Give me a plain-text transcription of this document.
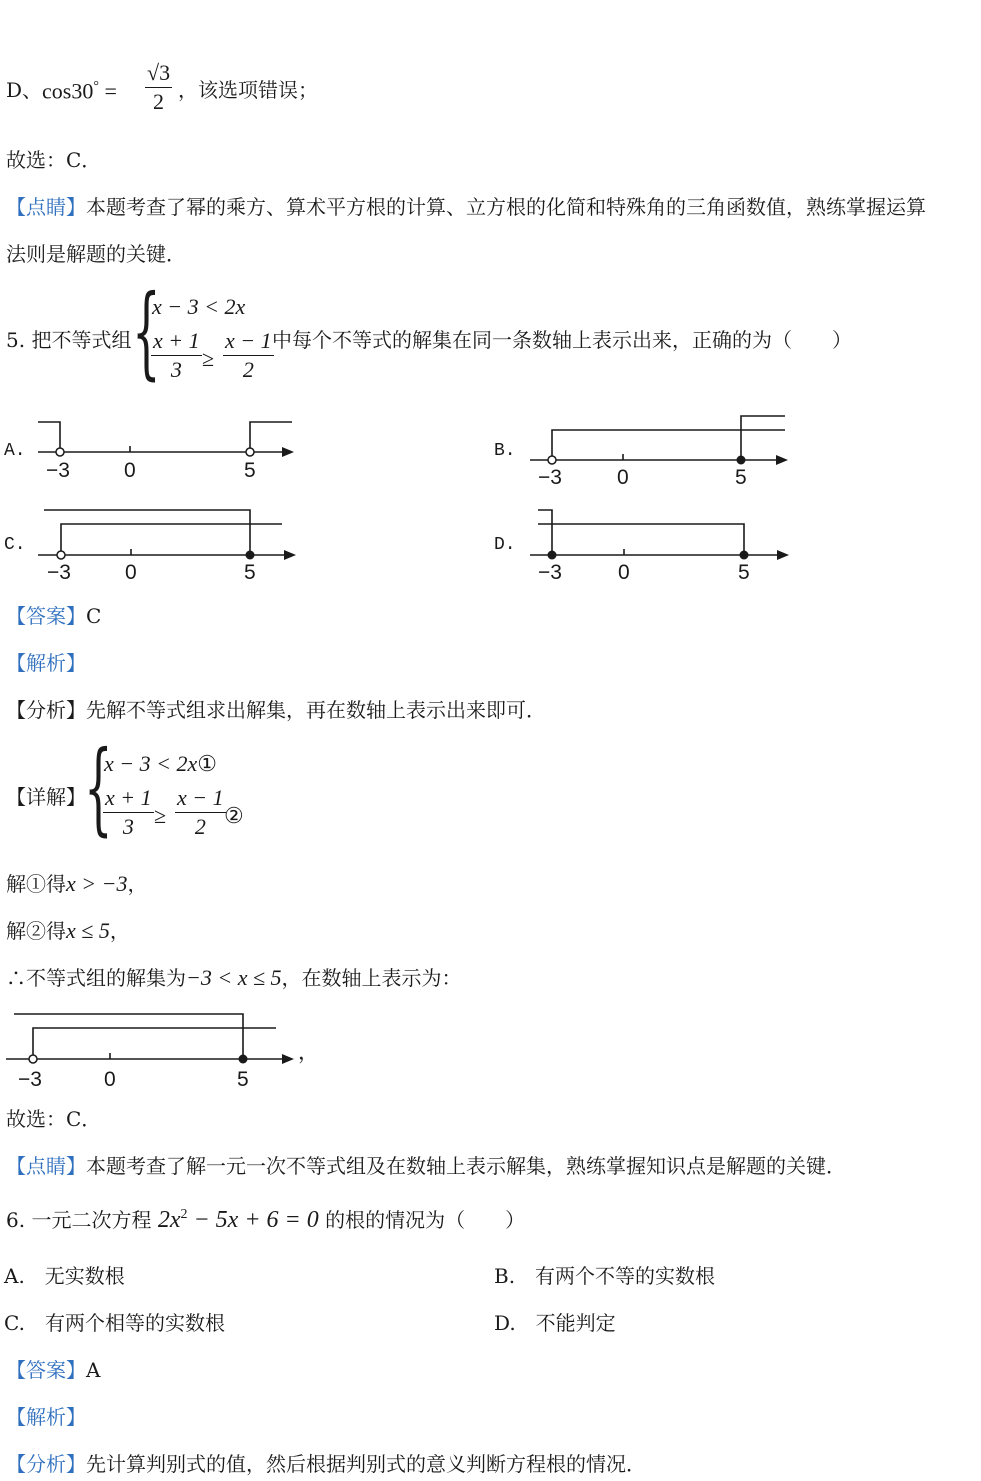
D、 $\cos 30^\circ = \frac{√3}{2}$ ，该选项错误；
故选：C．
【点睛】本题考查了幂的乘方、算术平方根的计算、立方根的化简和特殊角的三角函数值，熟练掌握运算
法则是解题的关键．
5. 把不等式组 {
x − 3 < 2x
$\frac{x + 1}{3} \ge \frac{x - 1}{2}$
中每个不等式的解集在同一条数轴上表示出来，正确的为（　　）
−3	0	5
A.
−3	0	5
B.
−3	0	5
C.
−3	0	5
D.
【答案】C
【解析】
【分析】先解不等式组求出解集，再在数轴上表示出来即可．
【详解】
{
x − 3 < 2x①
$\frac{x + 1}{3} \ge \frac{x - 1}{2}$
②
解①得x > −3，
解②得x ≤ 5，
∴不等式组的解集为−3 < x ≤ 5，在数轴上表示为：
−3	0	5
，
故选：C．
【点睛】本题考查了解一元一次不等式组及在数轴上表示解集，熟练掌握知识点是解题的关键．
6. 一元二次方程 $2x^2 - 5x + 6 = 0$ 的根的情况为（　　）
A.　无实数根	B.　有两个不等的实数根
C.　有两个相等的实数根	D.　不能判定
【答案】A
【解析】
【分析】先计算判别式的值，然后根据判别式的意义判断方程根的情况．
